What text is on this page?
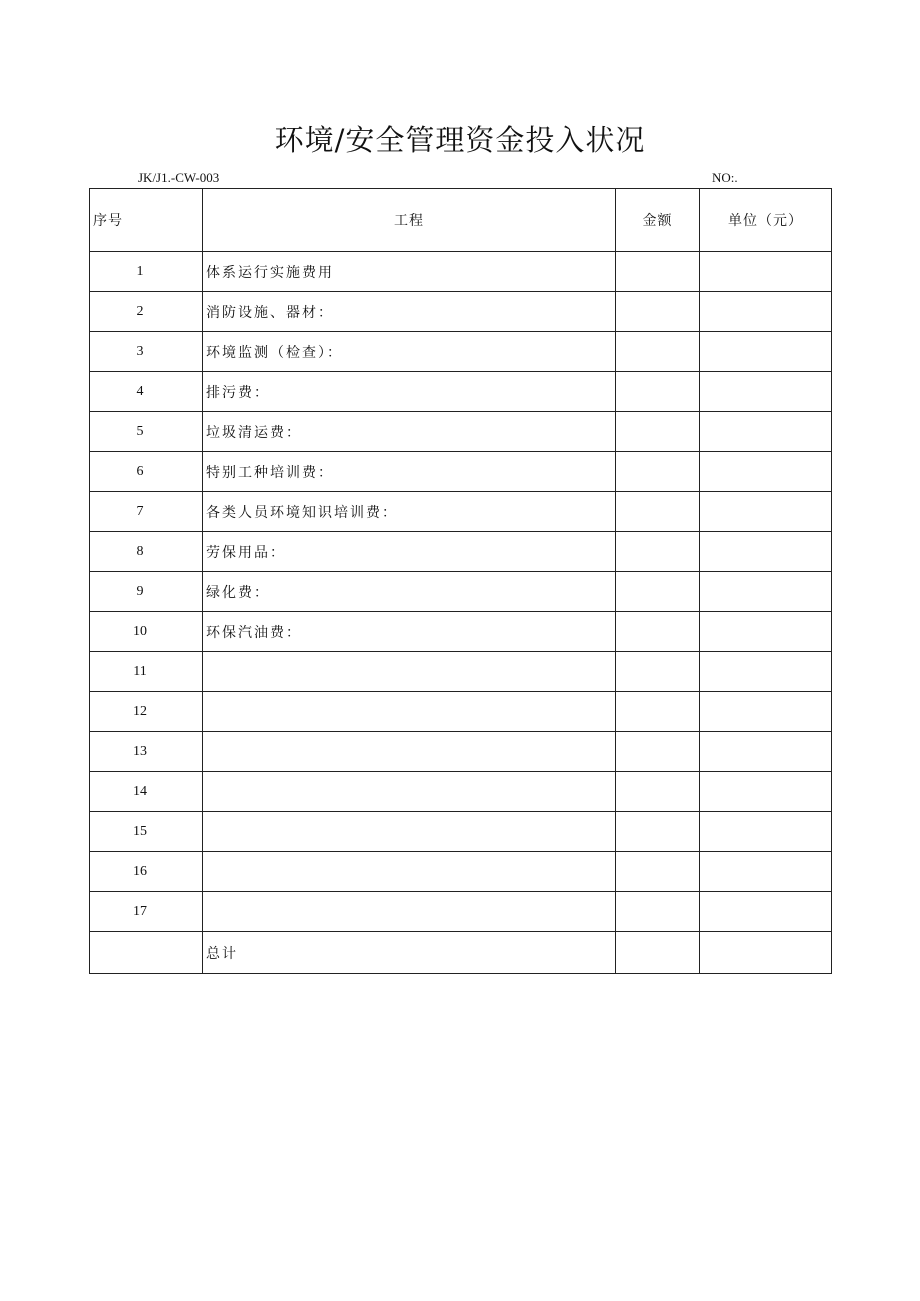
环境/安全管理资金投入状况
JK/J1.-CW-003	NO:.
序号	工程	金额	单位（元）
1	体系运行实施费用		
2	消防设施、器材：		
3	环境监测（检查）：		
4	排污费：		
5	垃圾清运费：		
6	特别工种培训费：		
7	各类人员环境知识培训费：		
8	劳保用品：		
9	绿化费：		
10	环保汽油费：		
11			
12			
13			
14			
15			
16			
17			
	总计		
